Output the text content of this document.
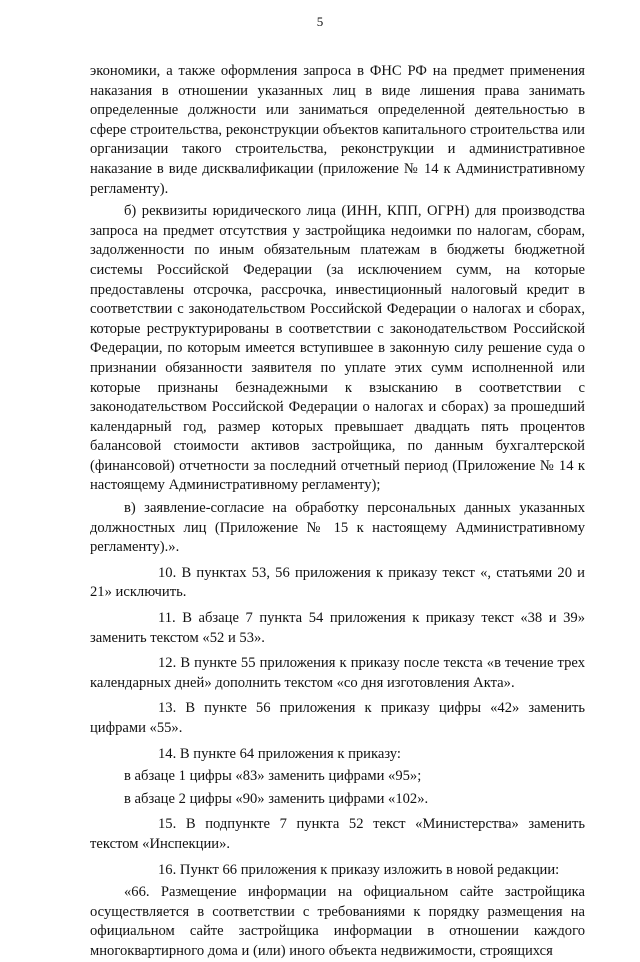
5

экономики, а также оформления запроса в ФНС РФ на предмет применения наказания в отношении указанных лиц в виде лишения права занимать определенные должности или заниматься определенной деятельностью в сфере строительства, реконструкции объектов капитального строительства или организации такого строительства, реконструкции и административное наказание в виде дисквалификации (приложение № 14 к Административному регламенту).

б) реквизиты юридического лица (ИНН, КПП, ОГРН) для производства запроса на предмет отсутствия у застройщика недоимки по налогам, сборам, задолженности по иным обязательным платежам в бюджеты бюджетной системы Российской Федерации (за исключением сумм, на которые предоставлены отсрочка, рассрочка, инвестиционный налоговый кредит в соответствии с законодательством Российской Федерации о налогах и сборах, которые реструктурированы в соответствии с законодательством Российской Федерации, по которым имеется вступившее в законную силу решение суда о признании обязанности заявителя по уплате этих сумм исполненной или которые признаны безнадежными к взысканию в соответствии с законодательством Российской Федерации о налогах и сборах) за прошедший календарный год, размер которых превышает двадцать пять процентов балансовой стоимости активов застройщика, по данным бухгалтерской (финансовой) отчетности за последний отчетный период (Приложение № 14 к настоящему Административному регламенту);

в) заявление-согласие на обработку персональных данных указанных должностных лиц (Приложение № 15 к настоящему Административному регламенту).».

10. В пунктах 53, 56 приложения к приказу текст «, статьями 20 и 21» исключить.
11. В абзаце 7 пункта 54 приложения к приказу текст «38 и 39» заменить текстом «52 и 53».
12. В пункте 55 приложения к приказу после текста «в течение трех календарных дней» дополнить текстом «со дня изготовления Акта».
13. В пункте 56 приложения к приказу цифры «42» заменить цифрами «55».
14. В пункте 64 приложения к приказу:

в абзаце 1 цифры «83» заменить цифрами «95»;

в абзаце 2 цифры «90» заменить цифрами «102».

15. В подпункте 7 пункта 52 текст «Министерства» заменить текстом «Инспекции».
16. Пункт 66 приложения к приказу изложить в новой редакции:

«66. Размещение информации на официальном сайте застройщика осуществляется в соответствии с требованиями к порядку размещения на официальном сайте застройщика информации в отношении каждого многоквартирного дома и (или) иного объекта недвижимости, строящихся
